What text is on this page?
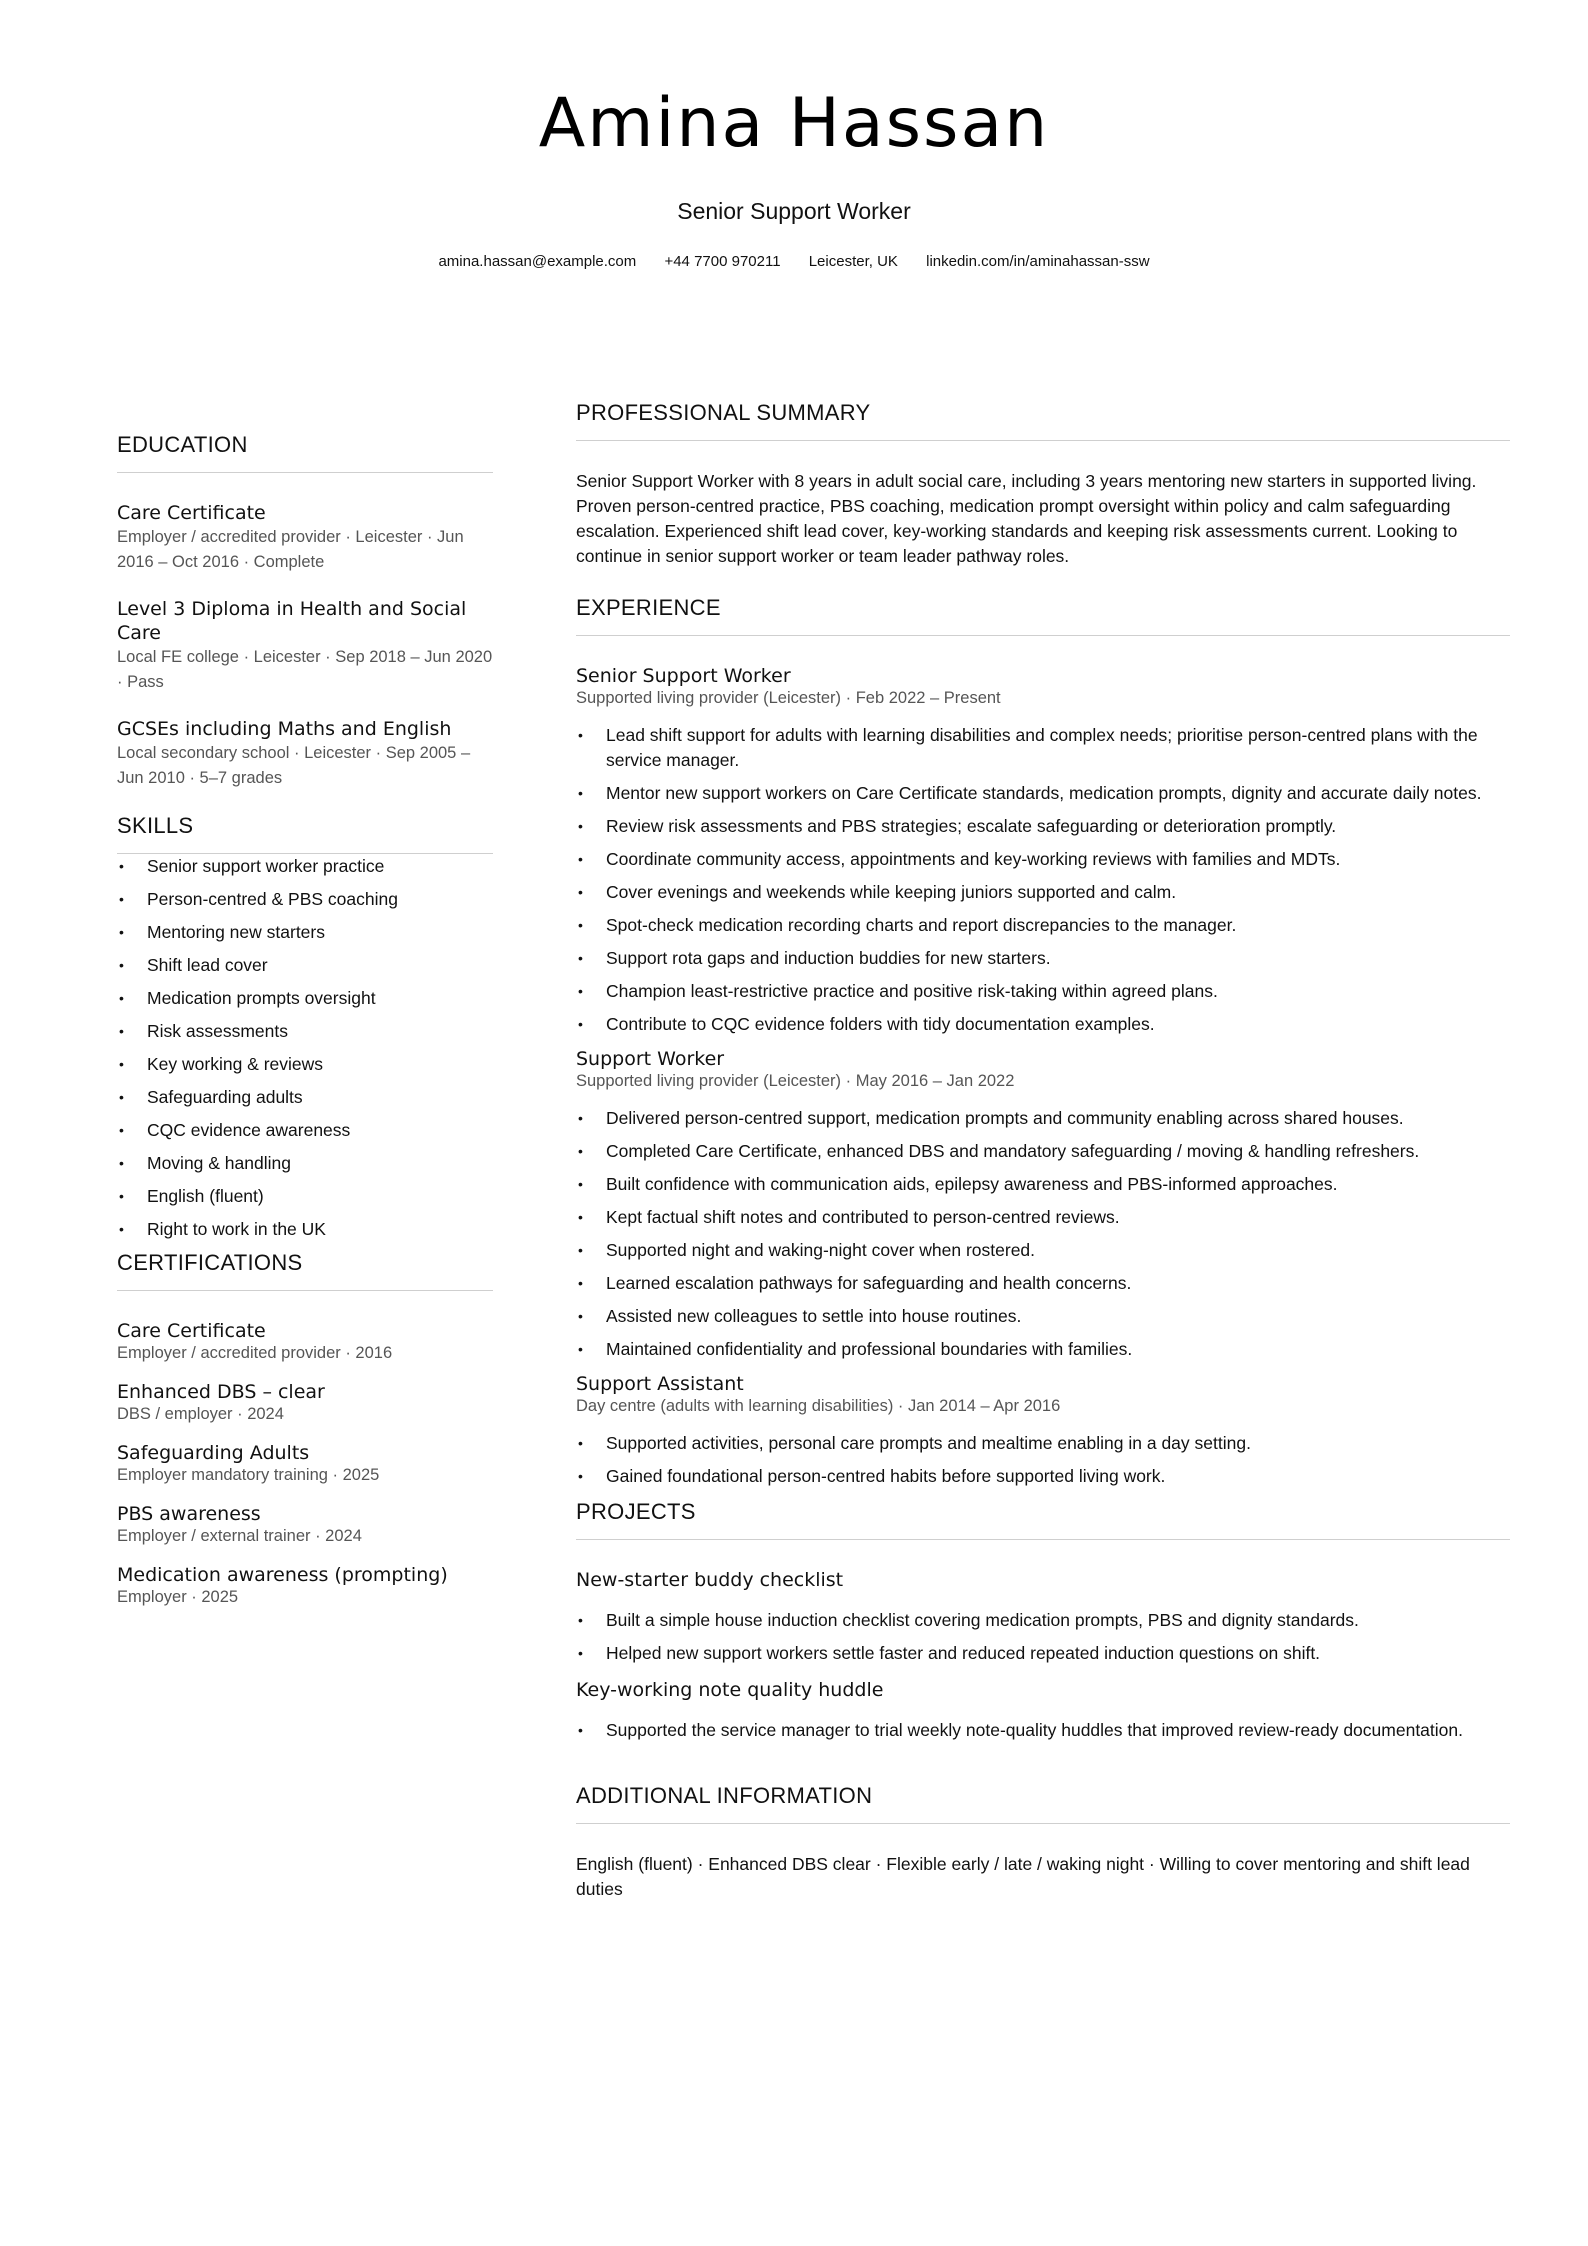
Amina Hassan
Senior Support Worker
amina.hassan@example.com +44 7700 970211 Leicester, UK linkedin.com/in/aminahassan-ssw
EDUCATION
Care Certificate
Employer / accredited provider · Leicester · Jun 2016 – Oct 2016 · Complete
Level 3 Diploma in Health and Social Care
Local FE college · Leicester · Sep 2018 – Jun 2020 · Pass
GCSEs including Maths and English
Local secondary school · Leicester · Sep 2005 – Jun 2010 · 5–7 grades
SKILLS
• Senior support worker practice
• Person-centred & PBS coaching
• Mentoring new starters
• Shift lead cover
• Medication prompts oversight
• Risk assessments
• Key working & reviews
• Safeguarding adults
• CQC evidence awareness
• Moving & handling
• English (fluent)
• Right to work in the UK
CERTIFICATIONS
Care Certificate
Employer / accredited provider · 2016
Enhanced DBS – clear
DBS / employer · 2024
Safeguarding Adults
Employer mandatory training · 2025
PBS awareness
Employer / external trainer · 2024
Medication awareness (prompting)
Employer · 2025
PROFESSIONAL SUMMARY
Senior Support Worker with 8 years in adult social care, including 3 years mentoring new starters in supported living. Proven person-centred practice, PBS coaching, medication prompt oversight within policy and calm safeguarding escalation. Experienced shift lead cover, key-working standards and keeping risk assessments current. Looking to continue in senior support worker or team leader pathway roles.
EXPERIENCE
Senior Support Worker
Supported living provider (Leicester) · Feb 2022 – Present
• Lead shift support for adults with learning disabilities and complex needs; prioritise person-centred plans with the service manager.
• Mentor new support workers on Care Certificate standards, medication prompts, dignity and accurate daily notes.
• Review risk assessments and PBS strategies; escalate safeguarding or deterioration promptly.
• Coordinate community access, appointments and key-working reviews with families and MDTs.
• Cover evenings and weekends while keeping juniors supported and calm.
• Spot-check medication recording charts and report discrepancies to the manager.
• Support rota gaps and induction buddies for new starters.
• Champion least-restrictive practice and positive risk-taking within agreed plans.
• Contribute to CQC evidence folders with tidy documentation examples.
Support Worker
Supported living provider (Leicester) · May 2016 – Jan 2022
• Delivered person-centred support, medication prompts and community enabling across shared houses.
• Completed Care Certificate, enhanced DBS and mandatory safeguarding / moving & handling refreshers.
• Built confidence with communication aids, epilepsy awareness and PBS-informed approaches.
• Kept factual shift notes and contributed to person-centred reviews.
• Supported night and waking-night cover when rostered.
• Learned escalation pathways for safeguarding and health concerns.
• Assisted new colleagues to settle into house routines.
• Maintained confidentiality and professional boundaries with families.
Support Assistant
Day centre (adults with learning disabilities) · Jan 2014 – Apr 2016
• Supported activities, personal care prompts and mealtime enabling in a day setting.
• Gained foundational person-centred habits before supported living work.
PROJECTS
New-starter buddy checklist
• Built a simple house induction checklist covering medication prompts, PBS and dignity standards.
• Helped new support workers settle faster and reduced repeated induction questions on shift.
Key-working note quality huddle
• Supported the service manager to trial weekly note-quality huddles that improved review-ready documentation.
ADDITIONAL INFORMATION
English (fluent) · Enhanced DBS clear · Flexible early / late / waking night · Willing to cover mentoring and shift lead duties
